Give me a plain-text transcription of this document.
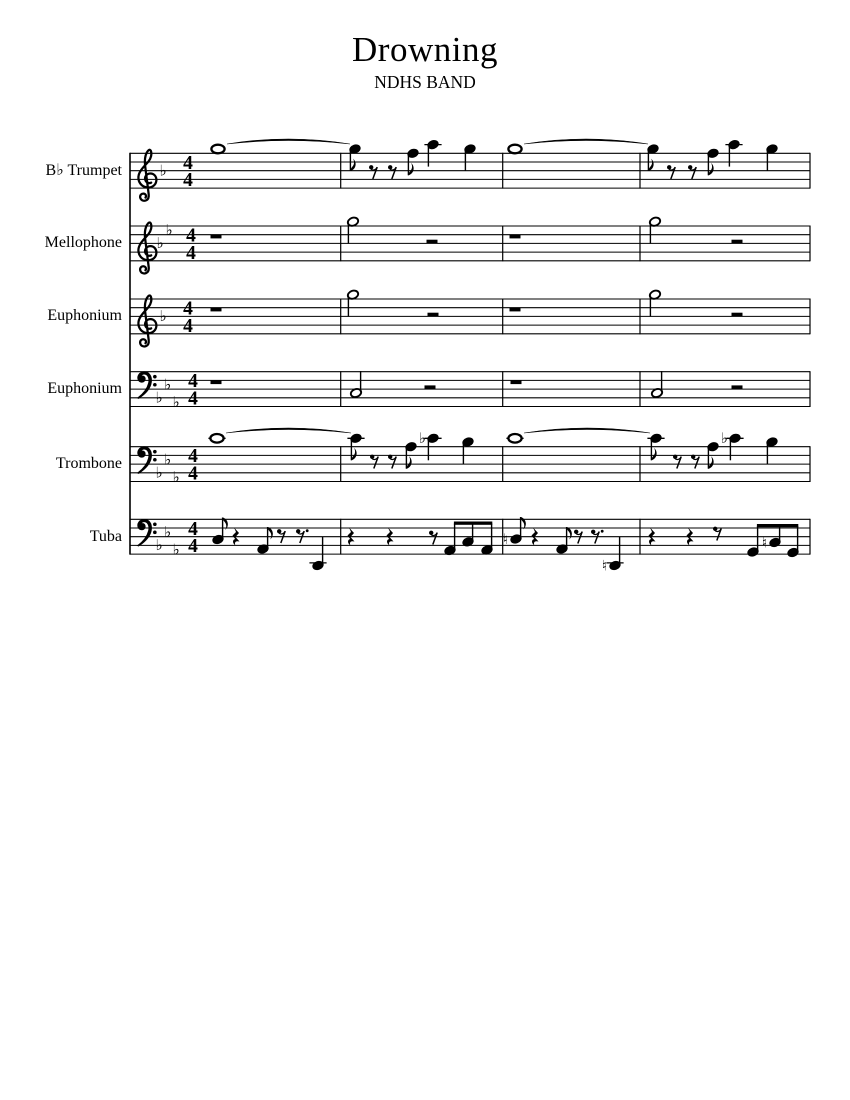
Drowning
NDHS BAND
B♭ Trumpet
Mellophone
Euphonium
Euphonium
Trombone
Tuba
♭ 4
4
♭
♭ 4
4
♭ 4
4
♭
♭
♭
4
4
♭
♭
♭
4
4
♭	♭
♭
♭
♭
4
4	♮
♮
♮
